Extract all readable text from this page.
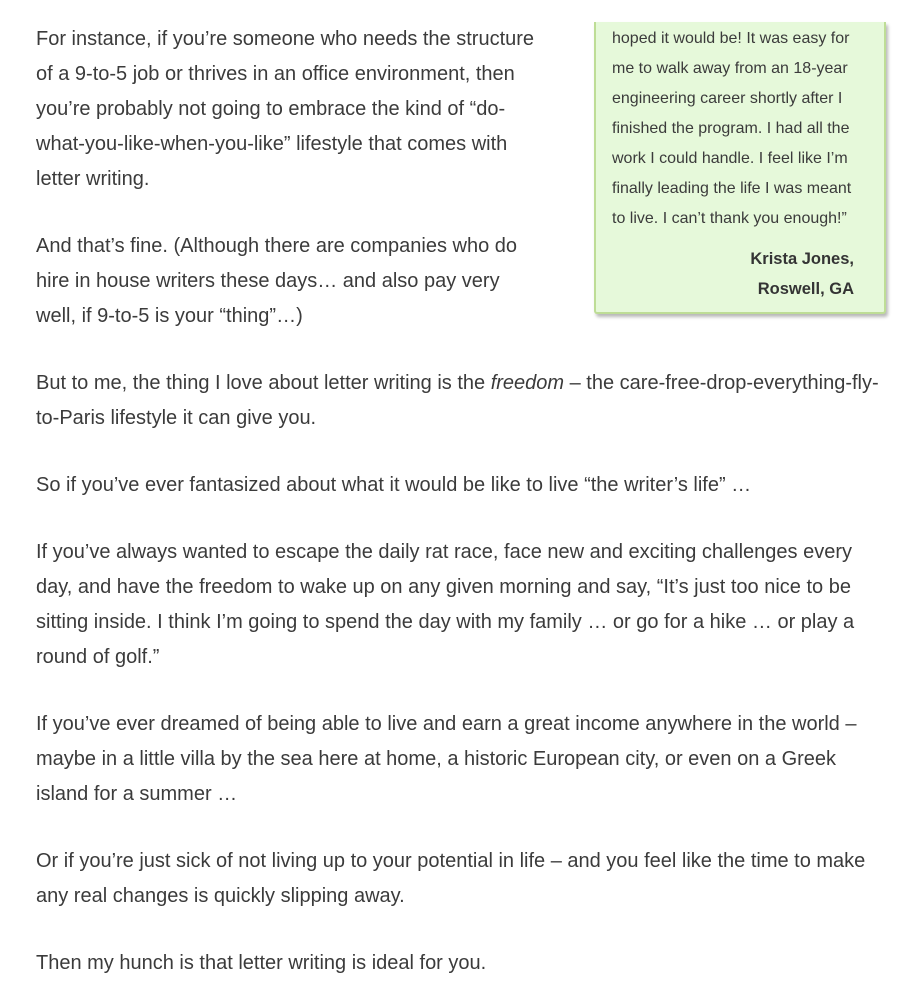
hoped it would be! It was easy for me to walk away from an 18-year engineering career shortly after I finished the program. I had all the work I could handle. I feel like I’m finally leading the life I was meant to live. I can’t thank you enough!”
Krista Jones,
Roswell, GA

For instance, if you’re someone who needs the structure of a 9-to-5 job or thrives in an office environment, then you’re probably not going to embrace the kind of “do-what-you-like-when-you-like” lifestyle that comes with letter writing.

And that’s fine. (Although there are companies who do hire in house writers these days… and also pay very well, if 9-to-5 is your “thing”…)

But to me, the thing I love about letter writing is the freedom – the care-free-drop-everything-fly-to-Paris lifestyle it can give you.

So if you’ve ever fantasized about what it would be like to live “the writer’s life” …

If you’ve always wanted to escape the daily rat race, face new and exciting challenges every day, and have the freedom to wake up on any given morning and say, “It’s just too nice to be sitting inside. I think I’m going to spend the day with my family … or go for a hike … or play a round of golf.”

If you’ve ever dreamed of being able to live and earn a great income anywhere in the world – maybe in a little villa by the sea here at home, a historic European city, or even on a Greek island for a summer …

Or if you’re just sick of not living up to your potential in life – and you feel like the time to make any real changes is quickly slipping away.

Then my hunch is that letter writing is ideal for you.
